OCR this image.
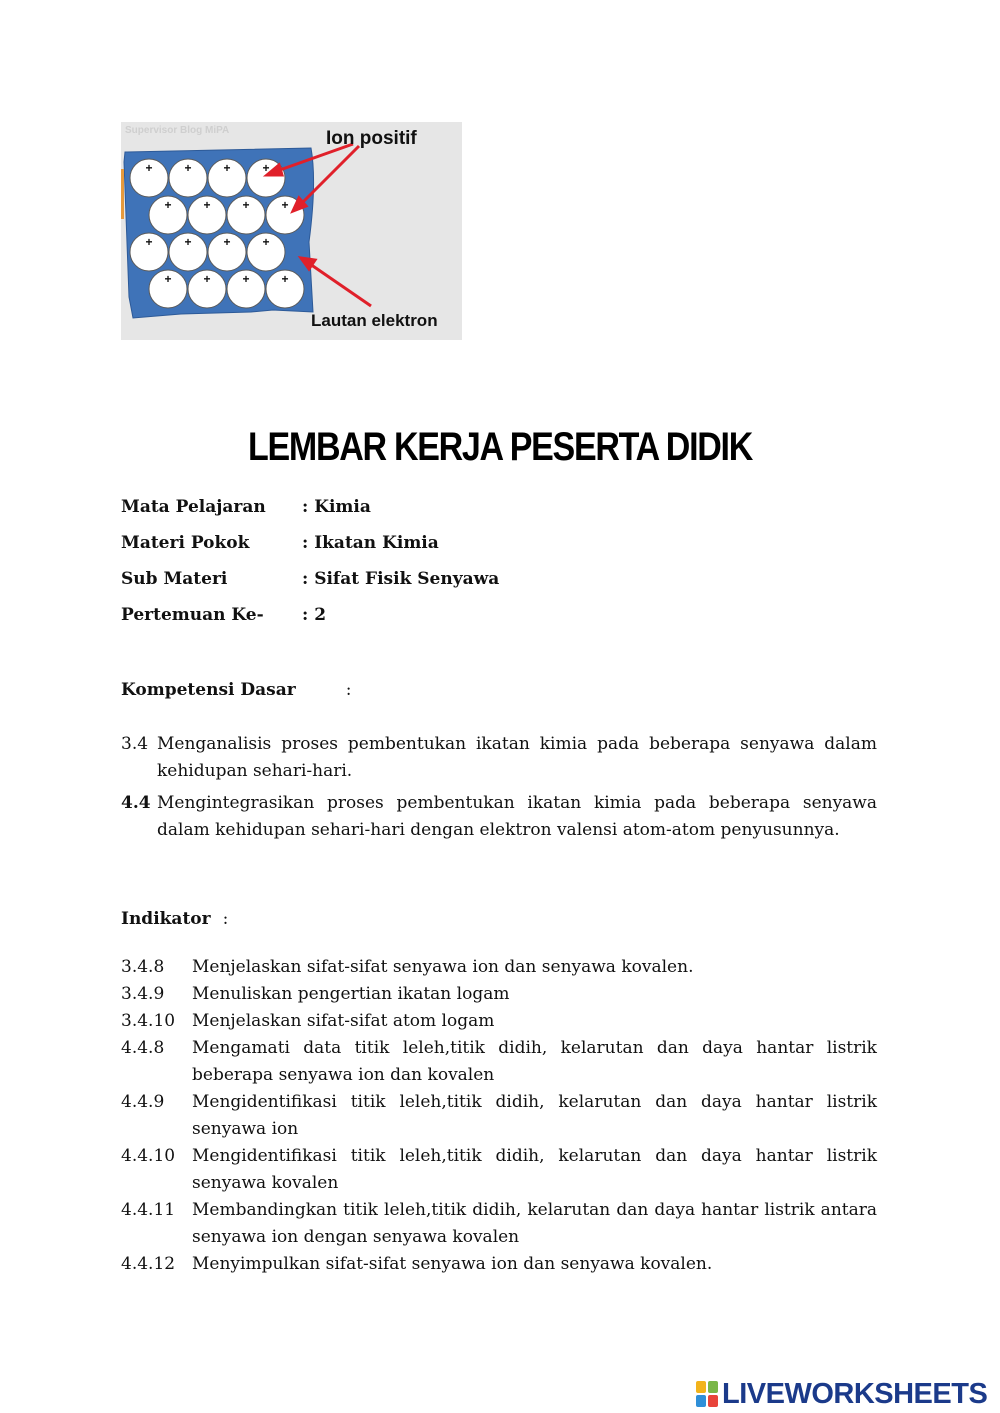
Supervisor Blog MiPA
+	+	+	+
+	+	+	+
+	+	+	+
+	+	+	+
Ion positif
Lautan elektron
LEMBAR KERJA PESERTA DIDIK
Mata Pelajaran : Kimia
Materi Pokok	: Ikatan Kimia
Sub Materi	: Sifat Fisik Senyawa
Pertemuan Ke- : 2
Kompetensi Dasar	:
3.4 Menganalisis proses pembentukan ikatan kimia pada beberapa senyawa dalam kehidupan sehari-hari.
4.4 Mengintegrasikan proses pembentukan ikatan kimia pada beberapa senyawa dalam kehidupan sehari-hari dengan elektron valensi atom-atom penyusunnya.
Indikator :
3.4.8 Menjelaskan sifat-sifat senyawa ion dan senyawa kovalen.
3.4.9 Menuliskan pengertian ikatan logam
3.4.10 Menjelaskan sifat-sifat atom logam
4.4.8 Mengamati data titik leleh,titik didih, kelarutan dan daya hantar listrik beberapa senyawa ion dan kovalen
4.4.9 Mengidentifikasi titik leleh,titik didih, kelarutan dan daya hantar listrik senyawa ion
4.4.10 Mengidentifikasi titik leleh,titik didih, kelarutan dan daya hantar listrik senyawa kovalen
4.4.11 Membandingkan titik leleh,titik didih, kelarutan dan daya hantar listrik antara senyawa ion dengan senyawa kovalen
4.4.12 Menyimpulkan sifat-sifat senyawa ion dan senyawa kovalen.
LIVEWORKSHEETS
